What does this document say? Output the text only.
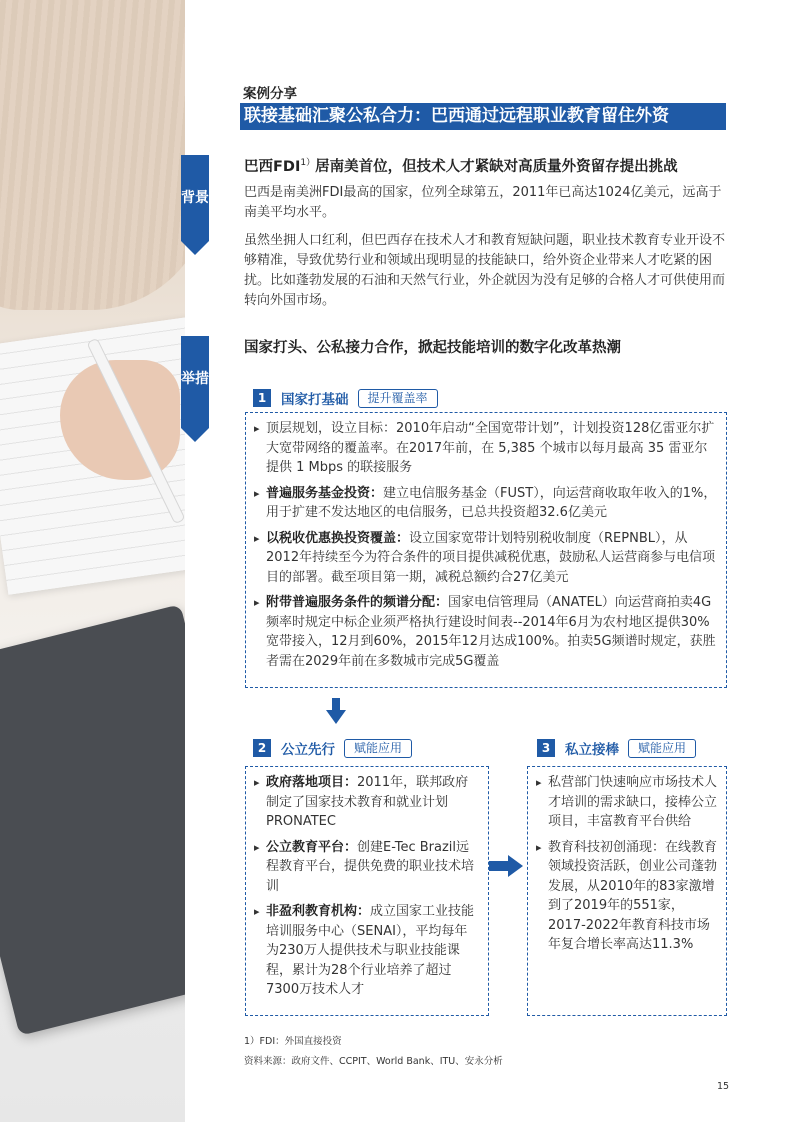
背景
举措
案例分享
联接基础汇聚公私合力：巴西通过远程职业教育留住外资
巴西$FDI^{1)}$居南美首位，但技术人才紧缺对高质量外资留存提出挑战
巴西是南美洲FDI最高的国家，位列全球第五，2011年已高达1024亿美元，远高于南美平均水平。
虽然坐拥人口红利，但巴西存在技术人才和教育短缺问题，职业技术教育专业开设不够精准，导致优势行业和领域出现明显的技能缺口，给外资企业带来人才吃紧的困扰。比如蓬勃发展的石油和天然气行业，外企就因为没有足够的合格人才可供使用而转向外国市场。
国家打头、公私接力合作，掀起技能培训的数字化改革热潮
1	国家打基础	提升覆盖率
▸ 顶层规划，设立目标：2010年启动“全国宽带计划”，计划投资128亿雷亚尔扩大宽带网络的覆盖率。在2017年前，在 5,385 个城市以每月最高 35 雷亚尔提供 1 Mbps 的联接服务
▸ 普遍服务基金投资：建立电信服务基金（FUST），向运营商收取年收入的1%，用于扩建不发达地区的电信服务，已总共投资超32.6亿美元
▸ 以税收优惠换投资覆盖：设立国家宽带计划特别税收制度（REPNBL），从2012年持续至今为符合条件的项目提供减税优惠，鼓励私人运营商参与电信项目的部署。截至项目第一期，减税总额约合27亿美元
▸ 附带普遍服务条件的频谱分配：国家电信管理局（ANATEL）向运营商拍卖4G频率时规定中标企业须严格执行建设时间表--2014年6月为农村地区提供30%宽带接入，12月到60%，2015年12月达成100%。拍卖5G频谱时规定，获胜者需在2029年前在多数城市完成5G覆盖
2	公立先行	赋能应用
▸ 政府落地项目：2011年，联邦政府制定了国家技术教育和就业计划PRONATEC
▸ 公立教育平台：创建E-Tec Brazil远程教育平台，提供免费的职业技术培训
▸ 非盈利教育机构：成立国家工业技能培训服务中心（SENAI），平均每年为230万人提供技术与职业技能课程，累计为28个行业培养了超过7300万技术人才
3	私立接棒	赋能应用
▸ 私营部门快速响应市场技术人才培训的需求缺口，接棒公立项目，丰富教育平台供给
▸ 教育科技初创涌现：在线教育领域投资活跃，创业公司蓬勃发展，从2010年的83家激增到了2019年的551家，2017-2022年教育科技市场年复合增长率高达11.3%
1）FDI：外国直接投资
资料来源：政府文件、CCPIT、World Bank、ITU、安永分析
15
